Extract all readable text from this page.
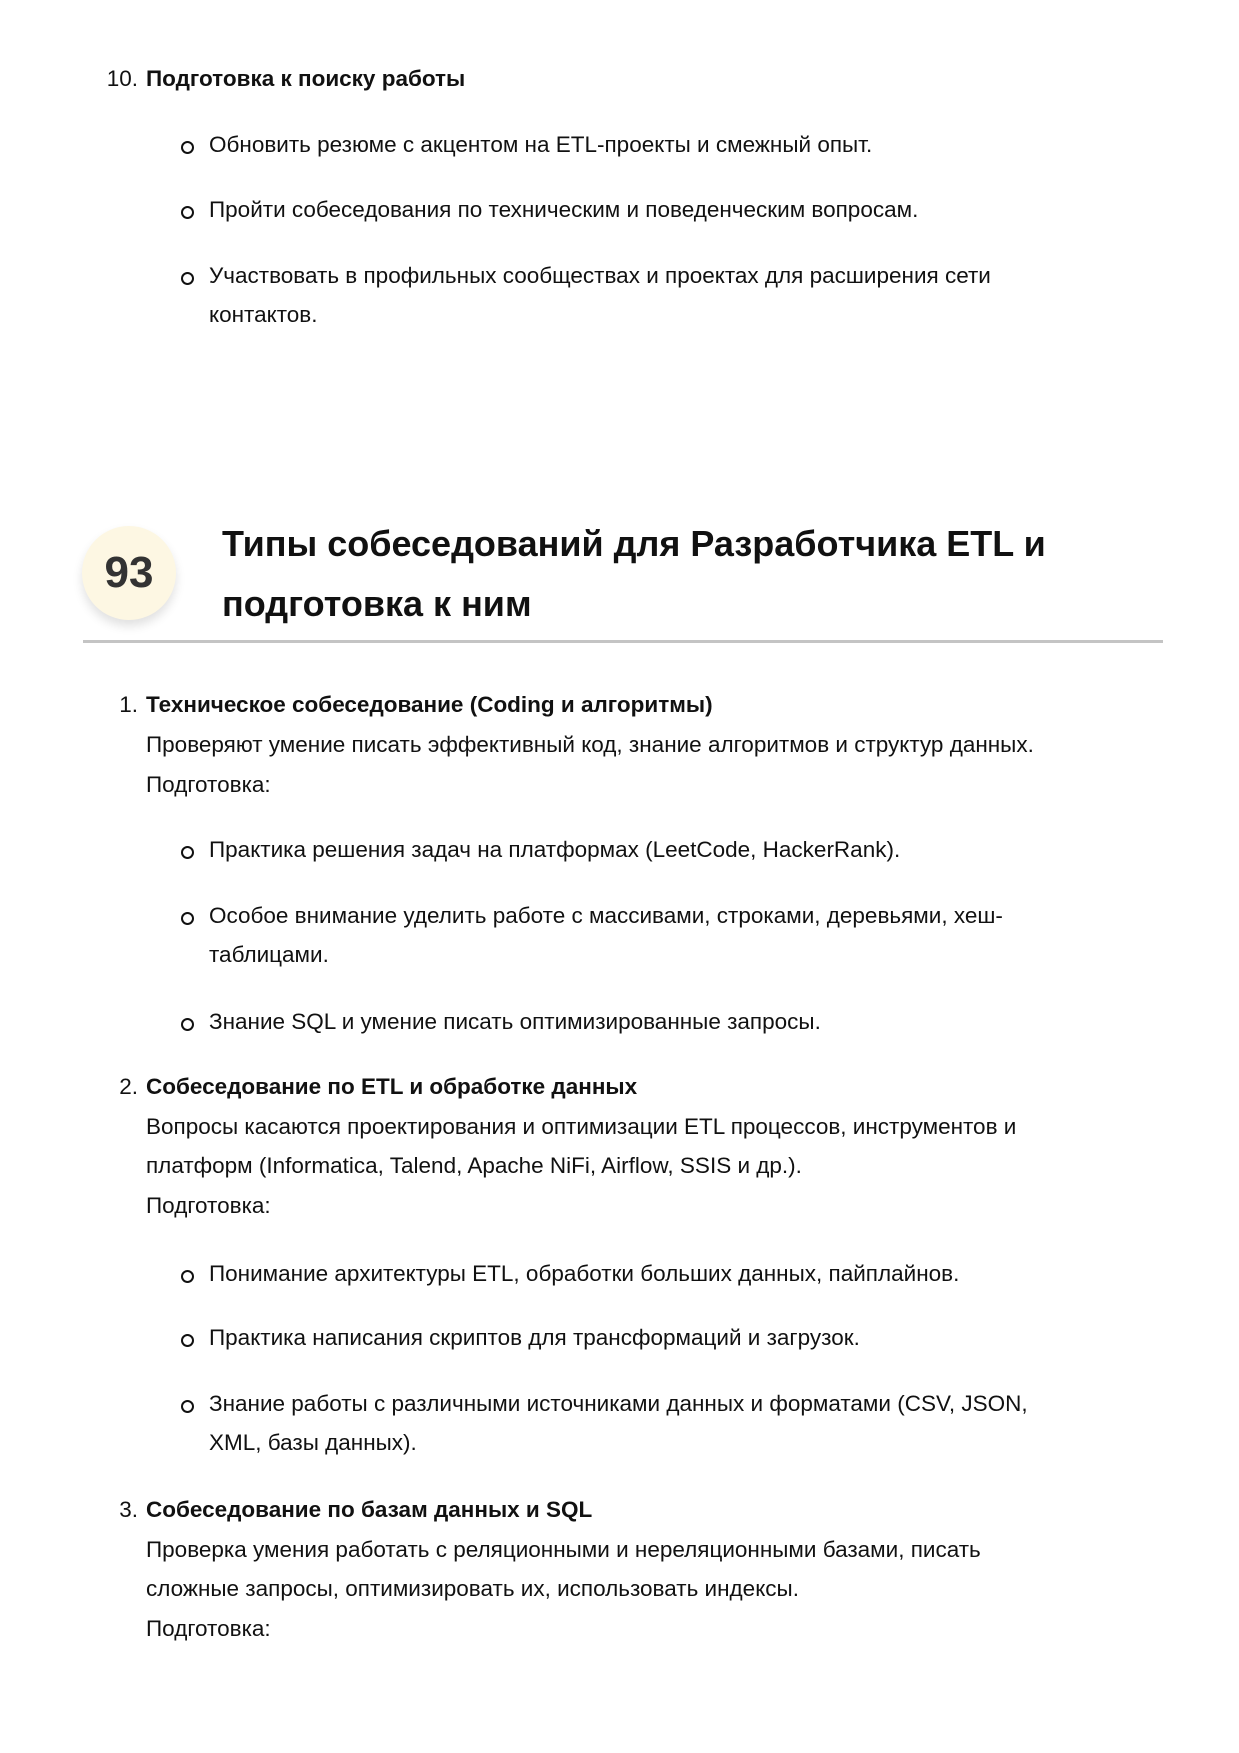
10. Подготовка к поиску работы
Обновить резюме с акцентом на ETL-проекты и смежный опыт.
Пройти собеседования по техническим и поведенческим вопросам.
Участвовать в профильных сообществах и проектах для расширения сети
контактов.
93
Типы собеседований для Разработчика ETL и
подготовка к ним
1. Техническое собеседование (Coding и алгоритмы)
Проверяют умение писать эффективный код, знание алгоритмов и структур данных.
Подготовка:
Практика решения задач на платформах (LeetCode, HackerRank).
Особое внимание уделить работе с массивами, строками, деревьями, хеш-
таблицами.
Знание SQL и умение писать оптимизированные запросы.
2. Собеседование по ETL и обработке данных
Вопросы касаются проектирования и оптимизации ETL процессов, инструментов и
платформ (Informatica, Talend, Apache NiFi, Airflow, SSIS и др.).
Подготовка:
Понимание архитектуры ETL, обработки больших данных, пайплайнов.
Практика написания скриптов для трансформаций и загрузок.
Знание работы с различными источниками данных и форматами (CSV, JSON,
XML, базы данных).
3. Собеседование по базам данных и SQL
Проверка умения работать с реляционными и нереляционными базами, писать
сложные запросы, оптимизировать их, использовать индексы.
Подготовка:
